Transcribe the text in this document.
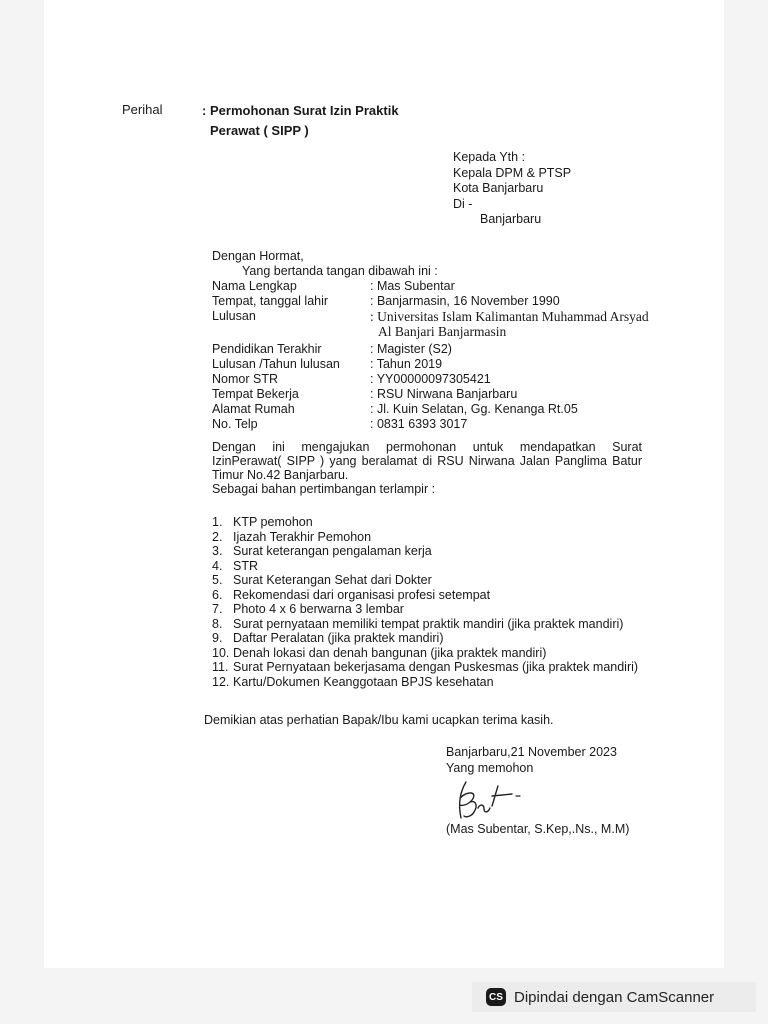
Perihal	: Permohonan Surat Izin Praktik
Perawat ( SIPP )
Kepada Yth :
Kepala DPM & PTSP
Kota Banjarbaru
Di -
Banjarbaru
Dengan Hormat,
Yang bertanda tangan dibawah ini :
Nama Lengkap	: Mas Subentar
Tempat, tanggal lahir	: Banjarmasin, 16 November 1990
Lulusan	: Universitas Islam Kalimantan Muhammad Arsyad
Al Banjari Banjarmasin
Pendidikan Terakhir	: Magister (S2)
Lulusan /Tahun lulusan : Tahun 2019
Nomor STR	: YY00000097305421
Tempat Bekerja	: RSU Nirwana Banjarbaru
Alamat Rumah	: Jl. Kuin Selatan, Gg. Kenanga Rt.05
No. Telp	: 0831 6393 3017

Dengan ini mengajukan permohonan untuk mendapatkan Surat

IzinPerawat( SIPP ) yang beralamat di RSU Nirwana Jalan Panglima Batur

Timur No.42 Banjarbaru.

Sebagai bahan pertimbangan terlampir :

1. KTP pemohon
2. Ijazah Terakhir Pemohon
3. Surat keterangan pengalaman kerja
4. STR
5. Surat Keterangan Sehat dari Dokter
6. Rekomendasi dari organisasi profesi setempat
7. Photo 4 x 6 berwarna 3 lembar
8. Surat pernyataan memiliki tempat praktik mandiri (jika praktek mandiri)
9. Daftar Peralatan (jika praktek mandiri)
10. Denah lokasi dan denah bangunan (jika praktek mandiri)
11. Surat Pernyataan bekerjasama dengan Puskesmas (jika praktek mandiri)
12. Kartu/Dokumen Keanggotaan BPJS kesehatan
Demikian atas perhatian Bapak/Ibu kami ucapkan terima kasih.
Banjarbaru,21 November 2023
Yang memohon
(Mas Subentar, S.Kep,.Ns., M.M)
CS Dipindai dengan CamScanner
